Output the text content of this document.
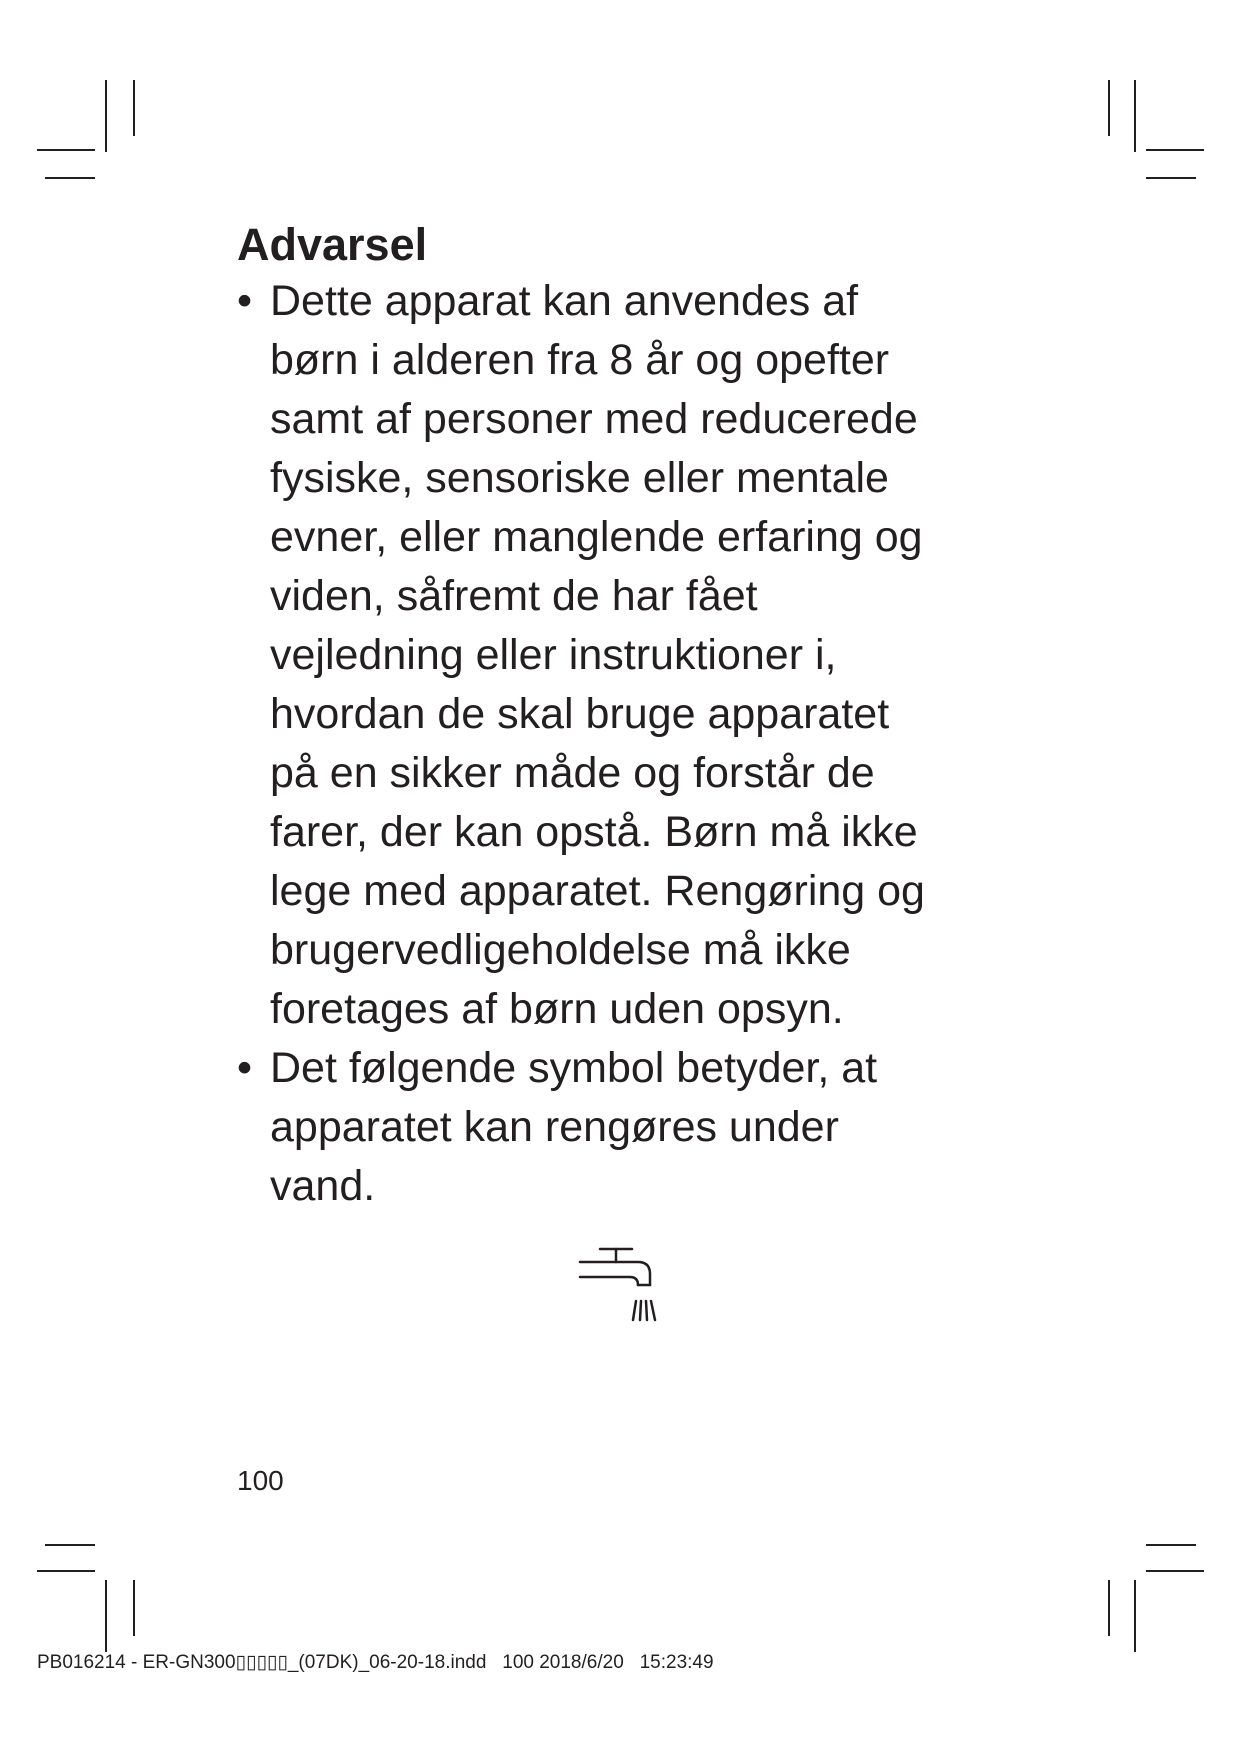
Advarsel
• Dette apparat kan anvendes af
børn i alderen fra 8 år og opefter
samt af personer med reducerede
fysiske, sensoriske eller mentale
evner, eller manglende erfaring og
viden, såfremt de har fået
vejledning eller instruktioner i,
hvordan de skal bruge apparatet
på en sikker måde og forstår de
farer, der kan opstå. Børn må ikke
lege med apparatet. Rengøring og
brugervedligeholdelse må ikke
foretages af børn uden opsyn.
• Det følgende symbol betyder, at
apparatet kan rengøres under
vand.
100
PB016214 - ER-GN300▯▯▯▯▯_(07DK)_06-20-18.indd 100 2018/6/20 15:23:49
